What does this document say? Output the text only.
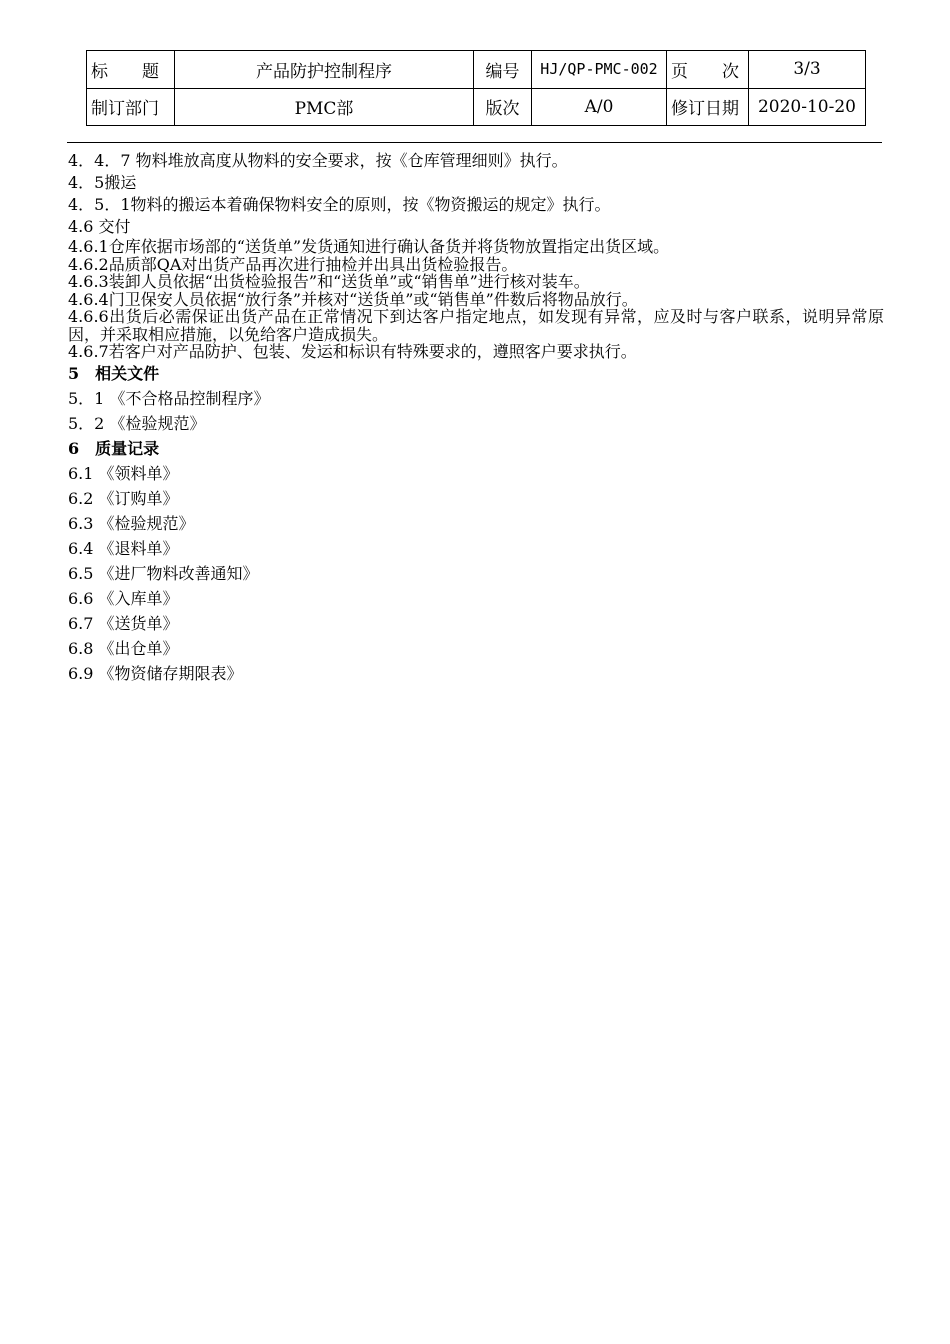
标　　题	产品防护控制程序	编号	HJ/QP-PMC-002	页　　次	3/3
制订部门	PMC部	版次	A/0	修订日期	2020-10-20
4．4．7 物料堆放高度从物料的安全要求，按《仓库管理细则》执行。
4．5搬运
4．5．1物料的搬运本着确保物料安全的原则，按《物资搬运的规定》执行。
4.6 交付
4.6.1仓库依据市场部的“送货单”发货通知进行确认备货并将货物放置指定出货区域。
4.6.2品质部QA对出货产品再次进行抽检并出具出货检验报告。
4.6.3装卸人员依据“出货检验报告”和“送货单”或“销售单”进行核对装车。
4.6.4门卫保安人员依据“放行条”并核对“送货单”或“销售单”件数后将物品放行。
4.6.6出货后必需保证出货产品在正常情况下到达客户指定地点，如发现有异常，应及时与客户联系，说明异常原因，并采取相应措施，以免给客户造成损失。
4.6.7若客户对产品防护、包装、发运和标识有特殊要求的，遵照客户要求执行。
5　相关文件
5．1 《不合格品控制程序》
5．2 《检验规范》
6　质量记录
6.1 《领料单》
6.2 《订购单》
6.3 《检验规范》
6.4 《退料单》
6.5 《进厂物料改善通知》
6.6 《入库单》
6.7 《送货单》
6.8 《出仓单》
6.9 《物资储存期限表》
